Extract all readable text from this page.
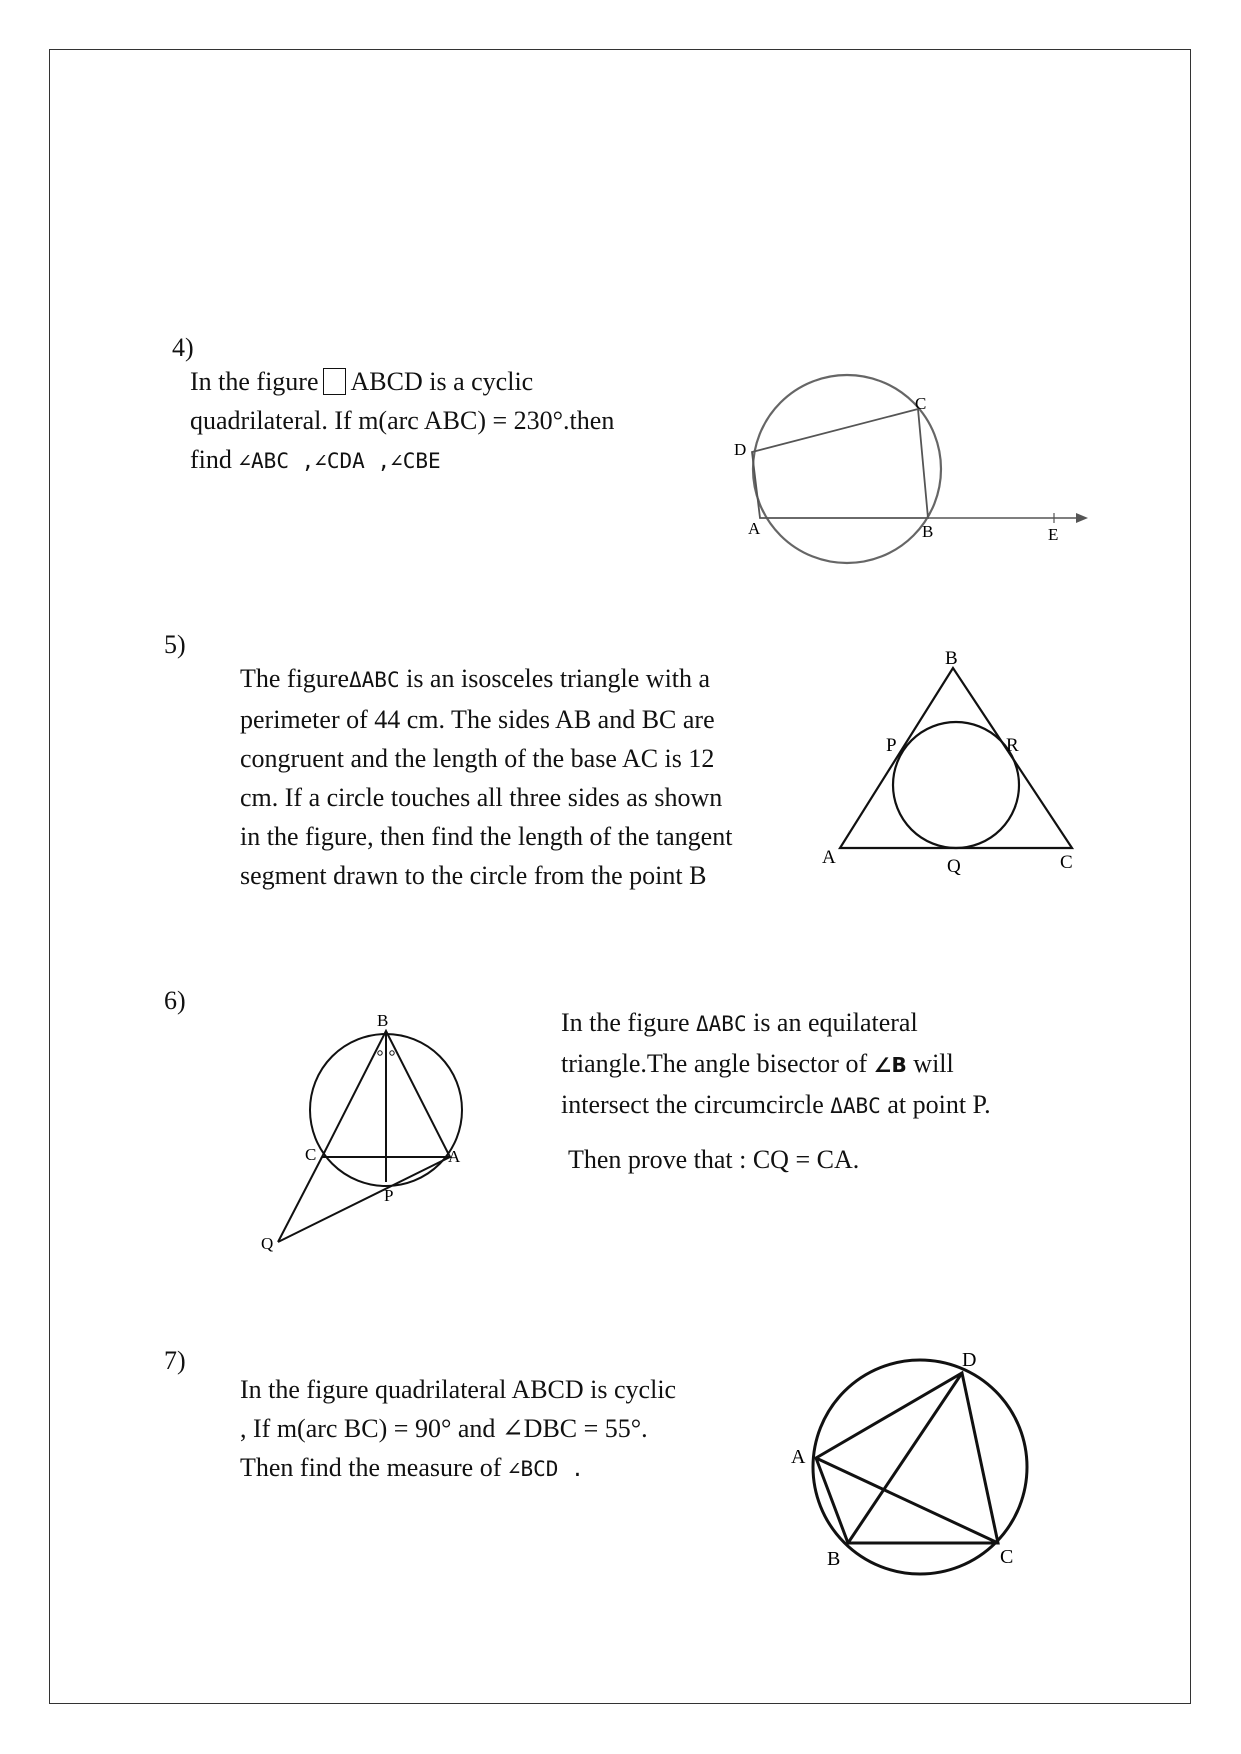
4)

In the figure ABCD is a cyclic
quadrilateral. If m(arc ABC) = 230°.then
find ∠ABC ,∠CDA ,∠CBE

A	B
C
D
E
5)

The figureΔABC is an isosceles triangle with a
perimeter of 44 cm. The sides AB and BC are
congruent and the length of the base AC is 12
cm. If a circle touches all three sides as shown
in the figure, then find the length of the tangent
segment drawn to the circle from the point B

B
P	R
A	Q	C
6)

In the figure ΔABC is an equilateral
triangle.The angle bisector of ∠B will
intersect the circumcircle ΔABC at point P.

Then prove that : CQ = CA.

B
C	A
P
Q
7)

In the figure quadrilateral ABCD is cyclic
, If m(arc BC) = 90° and ∠DBC = 55°.
Then find the measure of ∠BCD .

D
A
B	C
